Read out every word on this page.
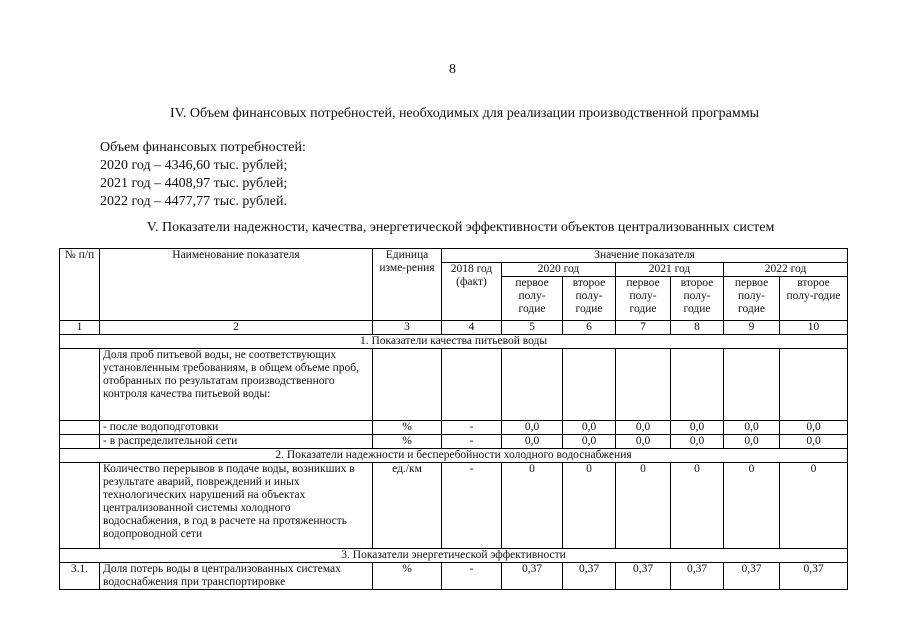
8
IV. Объем финансовых потребностей, необходимых для реализации производственной программы
Объем финансовых потребностей:
2020 год – 4346,60 тыс. рублей;
2021 год – 4408,97 тыс. рублей;
2022 год – 4477,77 тыс. рублей.
V. Показатели надежности, качества, энергетической эффективности объектов централизованных систем
№ п/п	Наименование показателя	Единица изме-рения	Значение показателя						
			2018 год (факт)	2020 год		2021 год		2022 год	
				первое полу-годие	второе полу-годие	первое полу-годие	второе полу-годие	первое полу-годие	второе полу-годие
1	2	3	4	5	6	7	8	9	10
1. Показатели качества питьевой воды									
	Доля проб питьевой воды, не соответствующих установленным требованиям, в общем объеме проб, отобранных по результатам производственного контроля качества питьевой воды:								
	- после водоподготовки	%	-	0,0	0,0	0,0	0,0	0,0	0,0
	- в распределительной сети	%	-	0,0	0,0	0,0	0,0	0,0	0,0
2. Показатели надежности и бесперебойности холодного водоснабжения									
	Количество перерывов в подаче воды, возникших в результате аварий, повреждений и иных технологических нарушений на объектах централизованной системы холодного водоснабжения, в год в расчете на протяженность водопроводной сети	ед./км	-	0	0	0	0	0	0
3. Показатели энергетической эффективности									
3.1.	Доля потерь воды в централизованных системах водоснабжения при транспортировке	%	-	0,37	0,37	0,37	0,37	0,37	0,37
